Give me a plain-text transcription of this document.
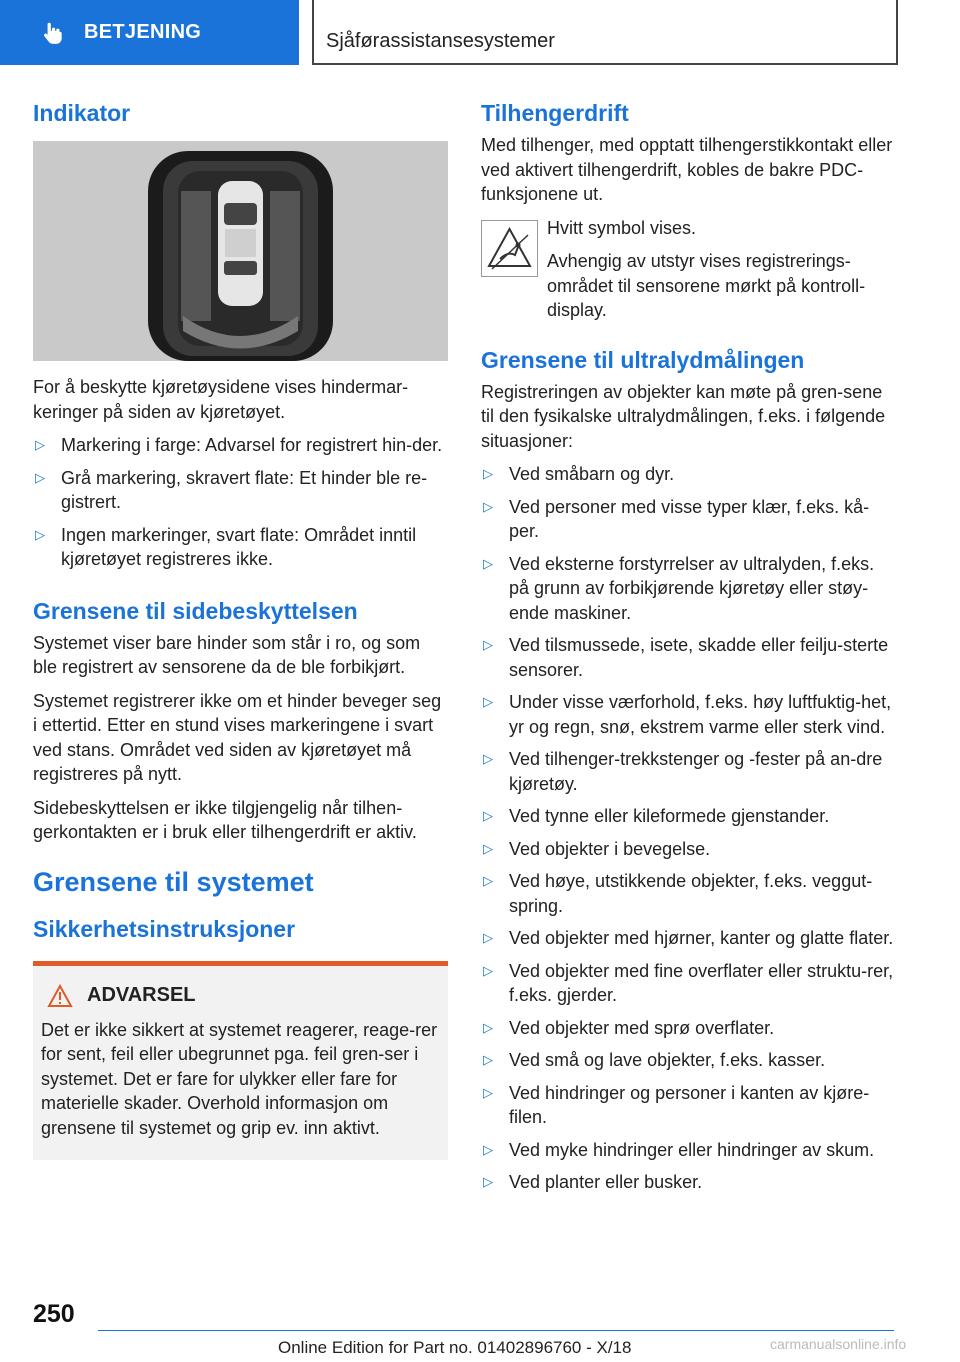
BETJENING	Sjåførassistansesystemer
Indikator

For å beskytte kjøretøysidene vises hindermar-keringer på siden av kjøretøyet.

▷ Markering i farge: Advarsel for registrert hin-der.
▷ Grå markering, skravert flate: Et hinder ble re-gistrert.
▷ Ingen markeringer, svart flate: Området inntil kjøretøyet registreres ikke.
Grensene til sidebeskyttelsen

Systemet viser bare hinder som står i ro, og som ble registrert av sensorene da de ble forbikjørt.

Systemet registrerer ikke om et hinder beveger seg i ettertid. Etter en stund vises markeringene i svart ved stans. Området ved siden av kjøretøyet må registreres på nytt.

Sidebeskyttelsen er ikke tilgjengelig når tilhen-gerkontakten er i bruk eller tilhengerdrift er aktiv.

Grensene til systemet
Sikkerhetsinstruksjoner
ADVARSEL

Det er ikke sikkert at systemet reagerer, reage-rer for sent, feil eller ubegrunnet pga. feil gren-ser i systemet. Det er fare for ulykker eller fare for materielle skader. Overhold informasjon om grensene til systemet og grip ev. inn aktivt.

Tilhengerdrift

Med tilhenger, med opptatt tilhengerstikkontakt eller ved aktivert tilhengerdrift, kobles de bakre PDC-funksjonene ut.

Hvitt symbol vises.

Avhengig av utstyr vises registrerings-området til sensorene mørkt på kontroll-display.

Grensene til ultralydmålingen

Registreringen av objekter kan møte på gren-sene til den fysikalske ultralydmålingen, f.eks. i følgende situasjoner:

▷ Ved småbarn og dyr.
▷ Ved personer med visse typer klær, f.eks. kå-per.
▷ Ved eksterne forstyrrelser av ultralyden, f.eks. på grunn av forbikjørende kjøretøy eller støy-ende maskiner.
▷ Ved tilsmussede, isete, skadde eller feilju-sterte sensorer.
▷ Under visse værforhold, f.eks. høy luftfuktig-het, yr og regn, snø, ekstrem varme eller sterk vind.
▷ Ved tilhenger-trekkstenger og -fester på an-dre kjøretøy.
▷ Ved tynne eller kileformede gjenstander.
▷ Ved objekter i bevegelse.
▷ Ved høye, utstikkende objekter, f.eks. veggut-spring.
▷ Ved objekter med hjørner, kanter og glatte flater.
▷ Ved objekter med fine overflater eller struktu-rer, f.eks. gjerder.
▷ Ved objekter med sprø overflater.
▷ Ved små og lave objekter, f.eks. kasser.
▷ Ved hindringer og personer i kanten av kjøre-filen.
▷ Ved myke hindringer eller hindringer av skum.
▷ Ved planter eller busker.
250
Online Edition for Part no. 01402896760 - X/18	carmanualsonline.info
